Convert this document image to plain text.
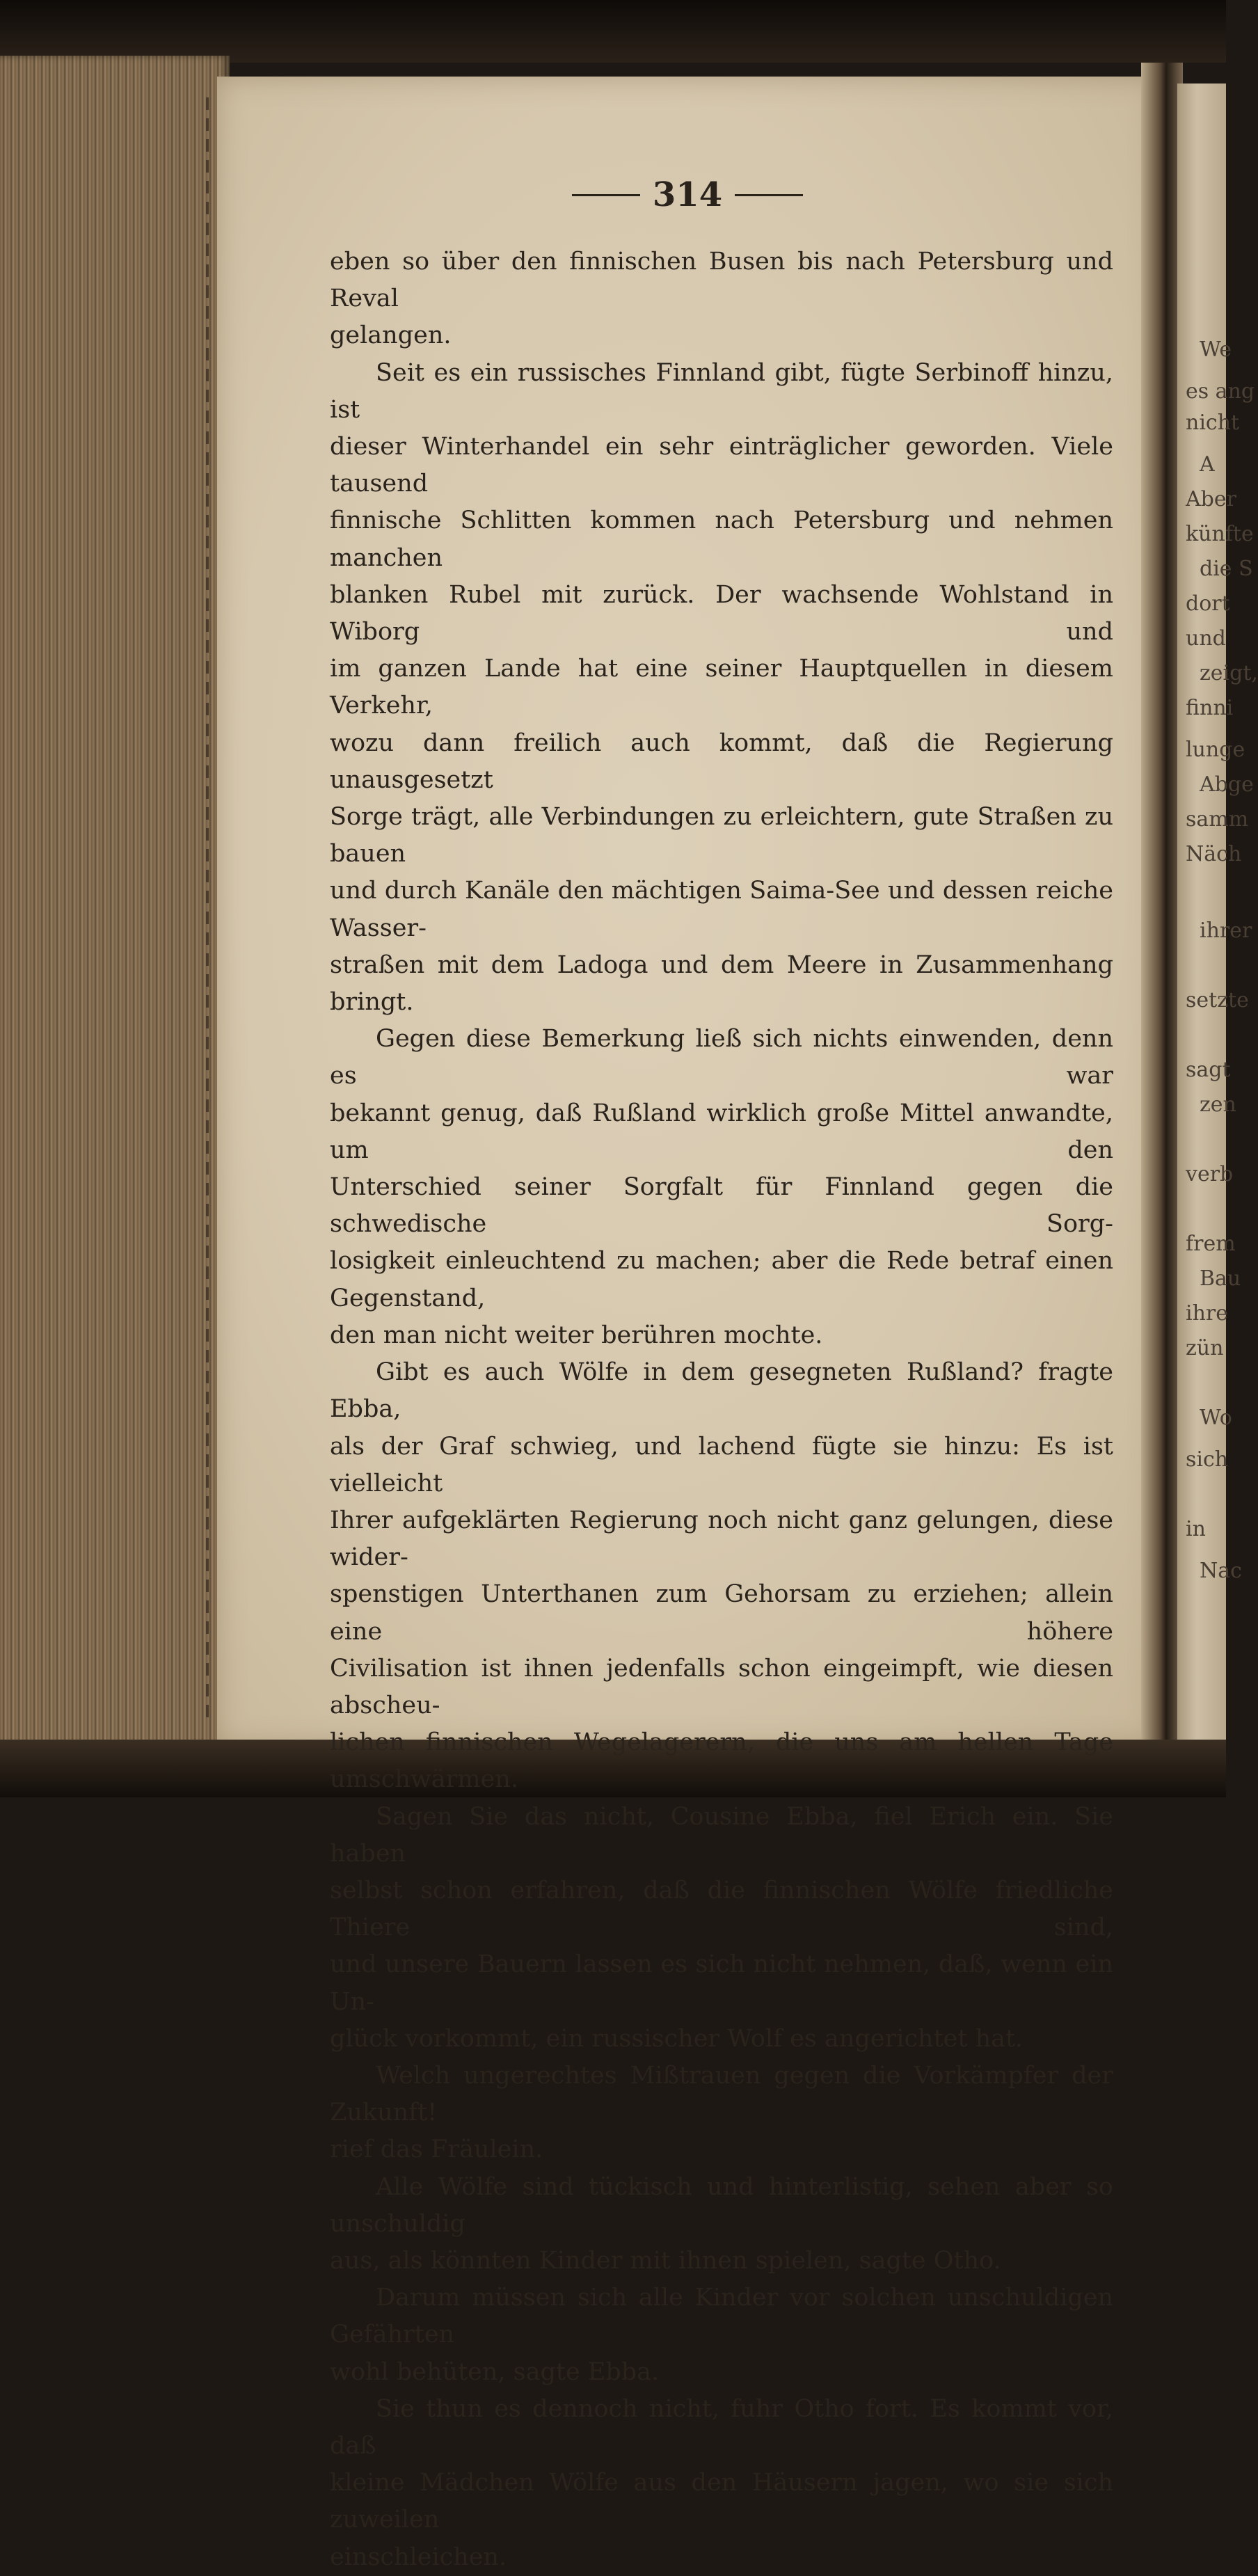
We
es ang
nicht
A
Aber
künfte
die S
dort
und
zeigt,
finni
lunge
Abge
samm
Näch
ihrer
setzte
sagt
zen
verb
frem
Bau
ihre
zün
Wo
sich
in
Nac
314

eben so über den finnischen Busen bis nach Petersburg und Reval

gelangen.

Seit es ein russisches Finnland gibt, fügte Serbinoff hinzu, ist

dieser Winterhandel ein sehr einträglicher geworden. Viele tausend

finnische Schlitten kommen nach Petersburg und nehmen manchen

blanken Rubel mit zurück. Der wachsende Wohlstand in Wiborg und

im ganzen Lande hat eine seiner Hauptquellen in diesem Verkehr,

wozu dann freilich auch kommt, daß die Regierung unausgesetzt

Sorge trägt, alle Verbindungen zu erleichtern, gute Straßen zu bauen

und durch Kanäle den mächtigen Saima-See und dessen reiche Wasser-

straßen mit dem Ladoga und dem Meere in Zusammenhang bringt.

Gegen diese Bemerkung ließ sich nichts einwenden, denn es war

bekannt genug, daß Rußland wirklich große Mittel anwandte, um den

Unterschied seiner Sorgfalt für Finnland gegen die schwedische Sorg-

losigkeit einleuchtend zu machen; aber die Rede betraf einen Gegenstand,

den man nicht weiter berühren mochte.

Gibt es auch Wölfe in dem gesegneten Rußland? fragte Ebba,

als der Graf schwieg, und lachend fügte sie hinzu: Es ist vielleicht

Ihrer aufgeklärten Regierung noch nicht ganz gelungen, diese wider-

spenstigen Unterthanen zum Gehorsam zu erziehen; allein eine höhere

Civilisation ist ihnen jedenfalls schon eingeimpft, wie diesen abscheu-

lichen finnischen Wegelagerern, die uns am hellen Tage umschwärmen.

Sagen Sie das nicht, Cousine Ebba, fiel Erich ein. Sie haben

selbst schon erfahren, daß die finnischen Wölfe friedliche Thiere sind,

und unsere Bauern lassen es sich nicht nehmen, daß, wenn ein Un-

glück vorkommt, ein russischer Wolf es angerichtet hat.

Welch ungerechtes Mißtrauen gegen die Vorkämpfer der Zukunft!

rief das Fräulein.

Alle Wölfe sind tückisch und hinterlistig, sehen aber so unschuldig

aus, als könnten Kinder mit ihnen spielen, sagte Otho.

Darum müssen sich alle Kinder vor solchen unschuldigen Gefährten

wohl behüten, sagte Ebba.

Sie thun es dennoch nicht, fuhr Otho fort. Es kommt vor, daß

kleine Mädchen Wölfe aus den Häusern jagen, wo sie sich zuweilen

einschleichen.
